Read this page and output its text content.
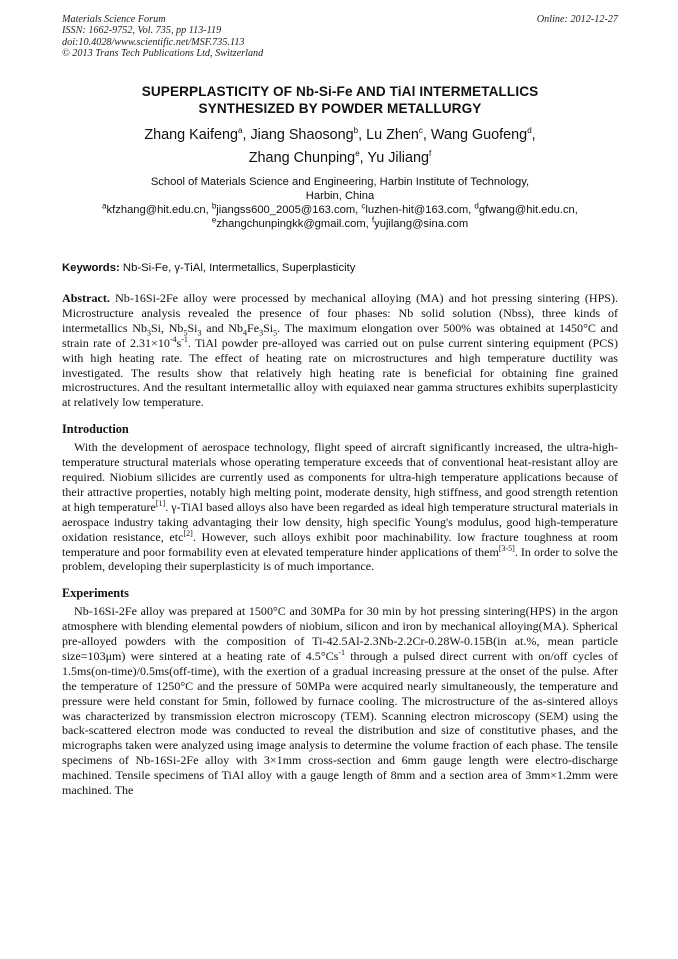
Materials Science Forum
ISSN: 1662-9752, Vol. 735, pp 113-119
doi:10.4028/www.scientific.net/MSF.735.113
© 2013 Trans Tech Publications Ltd, Switzerland
Online: 2012-12-27
SUPERPLASTICITY OF Nb-Si-Fe AND TiAl INTERMETALLICS
SYNTHESIZED BY POWDER METALLURGY
Zhang Kaifeng$^a$, Jiang Shaosong$^b$, Lu Zhen$^c$, Wang Guofeng$^d$,
Zhang Chunping$^e$, Yu Jiliang$^f$
School of Materials Science and Engineering, Harbin Institute of Technology,
Harbin, China
$^a$kfzhang@hit.edu.cn, $^b$jiangss600_2005@163.com, $^c$luzhen-hit@163.com, $^d$gfwang@hit.edu.cn,
$^e$zhangchunpingkk@gmail.com, $^f$yujilang@sina.com
Keywords: Nb-Si-Fe, γ-TiAl, Intermetallics, Superplasticity

Abstract. Nb-16Si-2Fe alloy were processed by mechanical alloying (MA) and hot pressing sintering (HPS). Microstructure analysis revealed the presence of four phases: Nb solid solution (Nbss), three kinds of intermetallics $Nb_3Si$, $Nb_5Si_3$ and $Nb_4Fe_3Si_5$. The maximum elongation over 500% was obtained at 1450°C and strain rate of $2.31\times 10^{-4}s^{-1}$. TiAl powder pre-alloyed was carried out on pulse current sintering equipment (PCS) with high heating rate. The effect of heating rate on microstructures and high temperature ductility was investigated. The results show that relatively high heating rate is beneficial for obtaining fine grained microstructures. And the resultant intermetallic alloy with equiaxed near gamma structures exhibits superplasticity at relatively low temperature.

Introduction

With the development of aerospace technology, flight speed of aircraft significantly increased, the ultra-high-temperature structural materials whose operating temperature exceeds that of conventional heat-resistant alloy are required. Niobium silicides are currently used as components for ultra-high temperature applications because of their attractive properties, notably high melting point, moderate density, high stiffness, and good strength retention at high temperature[1]. γ-TiAl based alloys also have been regarded as ideal high temperature structural materials in aerospace industry taking advantaging their low density, high specific Young's modulus, good high-temperature oxidation resistance, etc[2]. However, such alloys exhibit poor machinability. low fracture toughness at room temperature and poor formability even at elevated temperature hinder applications of them[3-5]. In order to solve the problem, developing their superplasticity is of much importance.

Experiments

Nb-16Si-2Fe alloy was prepared at 1500°C and 30MPa for 30 min by hot pressing sintering(HPS) in the argon atmosphere with blending elemental powders of niobium, silicon and iron by mechanical alloying(MA). Spherical pre-alloyed powders with the composition of Ti-42.5Al-2.3Nb-2.2Cr-0.28W-0.15B(in at.%, mean particle size=103μm) were sintered at a heating rate of $4.5^\circ Cs^{-1}$ through a pulsed direct current with on/off cycles of 1.5ms(on-time)/0.5ms(off-time), with the exertion of a gradual increasing pressure at the onset of the pulse. After the temperature of 1250°C and the pressure of 50MPa were acquired nearly simultaneously, the temperature and pressure were held constant for 5min, followed by furnace cooling. The microstructure of the as-sintered alloys was characterized by transmission electron microscopy (TEM). Scanning electron microscopy (SEM) using the back-scattered electron mode was conducted to reveal the distribution and size of constitutive phases, and the micrographs taken were analyzed using image analysis to determine the volume fraction of each phase. The tensile specimens of Nb-16Si-2Fe alloy with 3×1mm cross-section and 6mm gauge length were electro-discharge machined. Tensile specimens of TiAl alloy with a gauge length of 8mm and a section area of 3mm×1.2mm were machined. The
